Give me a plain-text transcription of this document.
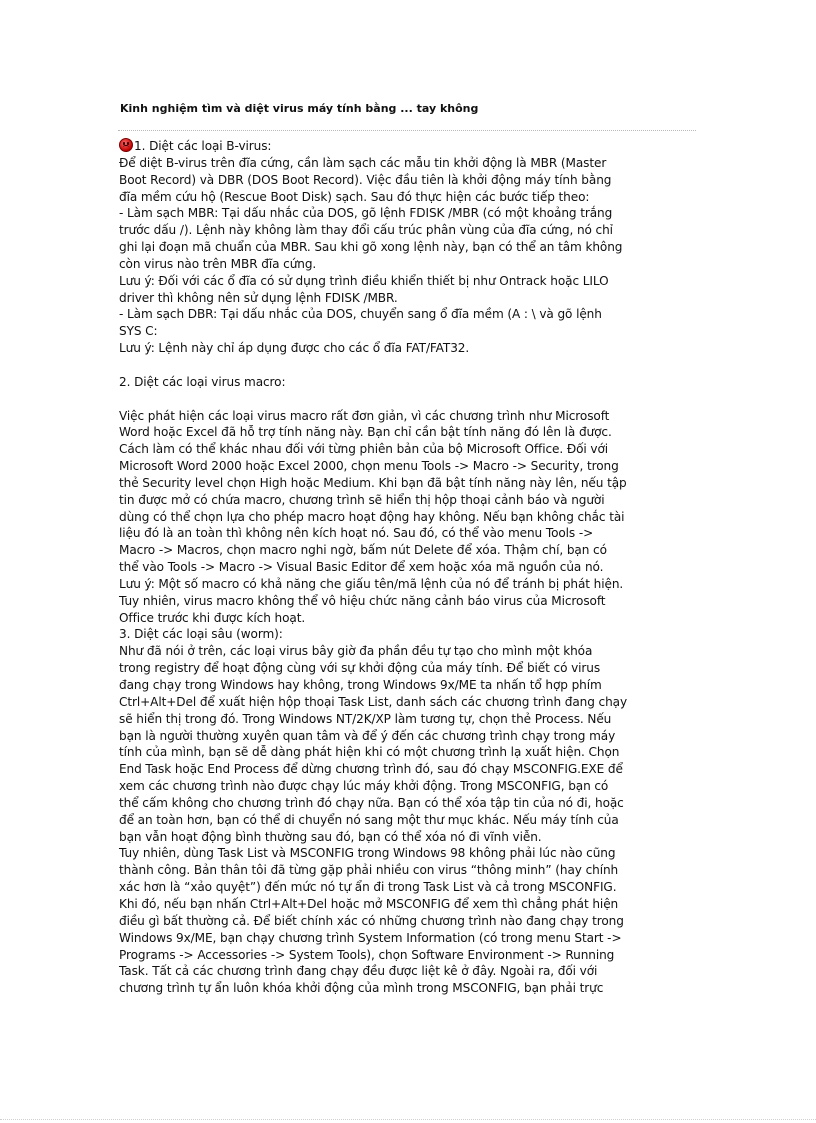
Kinh nghiệm tìm và diệt virus máy tính bằng ... tay không
1. Diệt các loại B-virus:
Để diệt B-virus trên đĩa cứng, cần làm sạch các mẫu tin khởi động là MBR (Master
Boot Record) và DBR (DOS Boot Record). Việc đầu tiên là khởi động máy tính bằng
đĩa mềm cứu hộ (Rescue Boot Disk) sạch. Sau đó thực hiện các bước tiếp theo:
- Làm sạch MBR: Tại dấu nhắc của DOS, gõ lệnh FDISK /MBR (có một khoảng trắng
trước dấu /). Lệnh này không làm thay đổi cấu trúc phân vùng của đĩa cứng, nó chỉ
ghi lại đoạn mã chuẩn của MBR. Sau khi gõ xong lệnh này, bạn có thể an tâm không
còn virus nào trên MBR đĩa cứng.
Lưu ý: Đối với các ổ đĩa có sử dụng trình điều khiển thiết bị như Ontrack hoặc LILO
driver thì không nên sử dụng lệnh FDISK /MBR.
- Làm sạch DBR: Tại dấu nhắc của DOS, chuyển sang ổ đĩa mềm (A : \ và gõ lệnh
SYS C:
Lưu ý: Lệnh này chỉ áp dụng được cho các ổ đĩa FAT/FAT32.
2. Diệt các loại virus macro:
Việc phát hiện các loại virus macro rất đơn giản, vì các chương trình như Microsoft
Word hoặc Excel đã hỗ trợ tính năng này. Bạn chỉ cần bật tính năng đó lên là được.
Cách làm có thể khác nhau đối với từng phiên bản của bộ Microsoft Office. Đối với
Microsoft Word 2000 hoặc Excel 2000, chọn menu Tools -> Macro -> Security, trong
thẻ Security level chọn High hoặc Medium. Khi bạn đã bật tính năng này lên, nếu tập
tin được mở có chứa macro, chương trình sẽ hiển thị hộp thoại cảnh báo và người
dùng có thể chọn lựa cho phép macro hoạt động hay không. Nếu bạn không chắc tài
liệu đó là an toàn thì không nên kích hoạt nó. Sau đó, có thể vào menu Tools ->
Macro -> Macros, chọn macro nghi ngờ, bấm nút Delete để xóa. Thậm chí, bạn có
thể vào Tools -> Macro -> Visual Basic Editor để xem hoặc xóa mã nguồn của nó.
Lưu ý: Một số macro có khả năng che giấu tên/mã lệnh của nó để tránh bị phát hiện.
Tuy nhiên, virus macro không thể vô hiệu chức năng cảnh báo virus của Microsoft
Office trước khi được kích hoạt.
3. Diệt các loại sâu (worm):
Như đã nói ở trên, các loại virus bây giờ đa phần đều tự tạo cho mình một khóa
trong registry để hoạt động cùng với sự khởi động của máy tính. Để biết có virus
đang chạy trong Windows hay không, trong Windows 9x/ME ta nhấn tổ hợp phím
Ctrl+Alt+Del để xuất hiện hộp thoại Task List, danh sách các chương trình đang chạy
sẽ hiển thị trong đó. Trong Windows NT/2K/XP làm tương tự, chọn thẻ Process. Nếu
bạn là người thường xuyên quan tâm và để ý đến các chương trình chạy trong máy
tính của mình, bạn sẽ dễ dàng phát hiện khi có một chương trình lạ xuất hiện. Chọn
End Task hoặc End Process để dừng chương trình đó, sau đó chạy MSCONFIG.EXE để
xem các chương trình nào được chạy lúc máy khởi động. Trong MSCONFIG, bạn có
thể cấm không cho chương trình đó chạy nữa. Bạn có thể xóa tập tin của nó đi, hoặc
để an toàn hơn, bạn có thể di chuyển nó sang một thư mục khác. Nếu máy tính của
bạn vẫn hoạt động bình thường sau đó, bạn có thể xóa nó đi vĩnh viễn.
Tuy nhiên, dùng Task List và MSCONFIG trong Windows 98 không phải lúc nào cũng
thành công. Bản thân tôi đã từng gặp phải nhiều con virus “thông minh” (hay chính
xác hơn là “xảo quyệt”) đến mức nó tự ẩn đi trong Task List và cả trong MSCONFIG.
Khi đó, nếu bạn nhấn Ctrl+Alt+Del hoặc mở MSCONFIG để xem thì chẳng phát hiện
điều gì bất thường cả. Để biết chính xác có những chương trình nào đang chạy trong
Windows 9x/ME, bạn chạy chương trình System Information (có trong menu Start ->
Programs -> Accessories -> System Tools), chọn Software Environment -> Running
Task. Tất cả các chương trình đang chạy đều được liệt kê ở đây. Ngoài ra, đối với
chương trình tự ẩn luôn khóa khởi động của mình trong MSCONFIG, bạn phải trực
